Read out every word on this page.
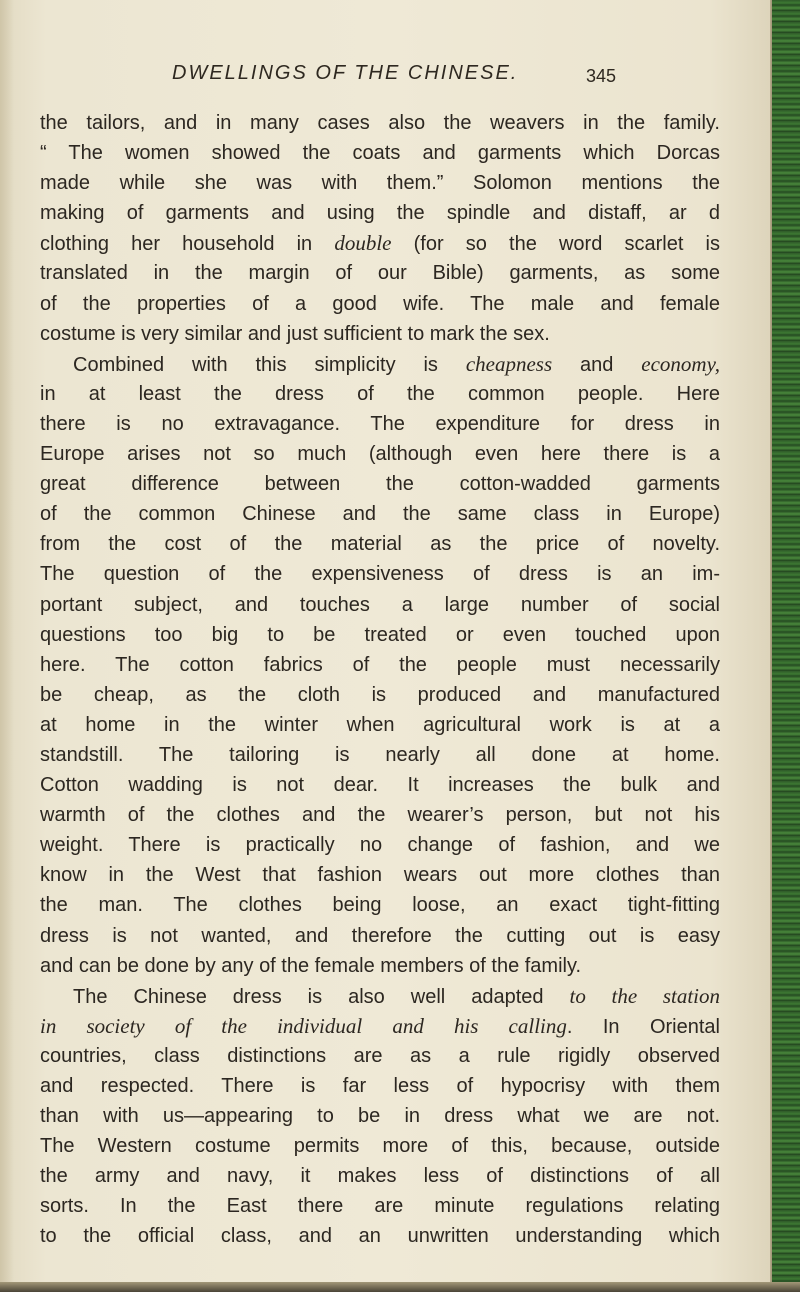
DWELLINGS OF THE CHINESE.	345
the tailors, and in many cases also the weavers in the family.
“ The women showed the coats and garments which Dorcas
made while she was with them.” Solomon mentions the
making of garments and using the spindle and distaff, ar d
clothing her household in double (for so the word scarlet is
translated in the margin of our Bible) garments, as some
of the properties of a good wife. The male and female
costume is very similar and just sufficient to mark the sex.
Combined with this simplicity is cheapness and economy,
in at least the dress of the common people. Here
there is no extravagance. The expenditure for dress in
Europe arises not so much (although even here there is a
great difference between the cotton-wadded garments
of the common Chinese and the same class in Europe)
from the cost of the material as the price of novelty.
The question of the expensiveness of dress is an im-
portant subject, and touches a large number of social
questions too big to be treated or even touched upon
here. The cotton fabrics of the people must necessarily
be cheap, as the cloth is produced and manufactured
at home in the winter when agricultural work is at a
standstill. The tailoring is nearly all done at home.
Cotton wadding is not dear. It increases the bulk and
warmth of the clothes and the wearer’s person, but not his
weight. There is practically no change of fashion, and we
know in the West that fashion wears out more clothes than
the man. The clothes being loose, an exact tight-fitting
dress is not wanted, and therefore the cutting out is easy
and can be done by any of the female members of the family.
The Chinese dress is also well adapted to the station
in society of the individual and his calling. In Oriental
countries, class distinctions are as a rule rigidly observed
and respected. There is far less of hypocrisy with them
than with us—appearing to be in dress what we are not.
The Western costume permits more of this, because, outside
the army and navy, it makes less of distinctions of all
sorts. In the East there are minute regulations relating
to the official class, and an unwritten understanding which
